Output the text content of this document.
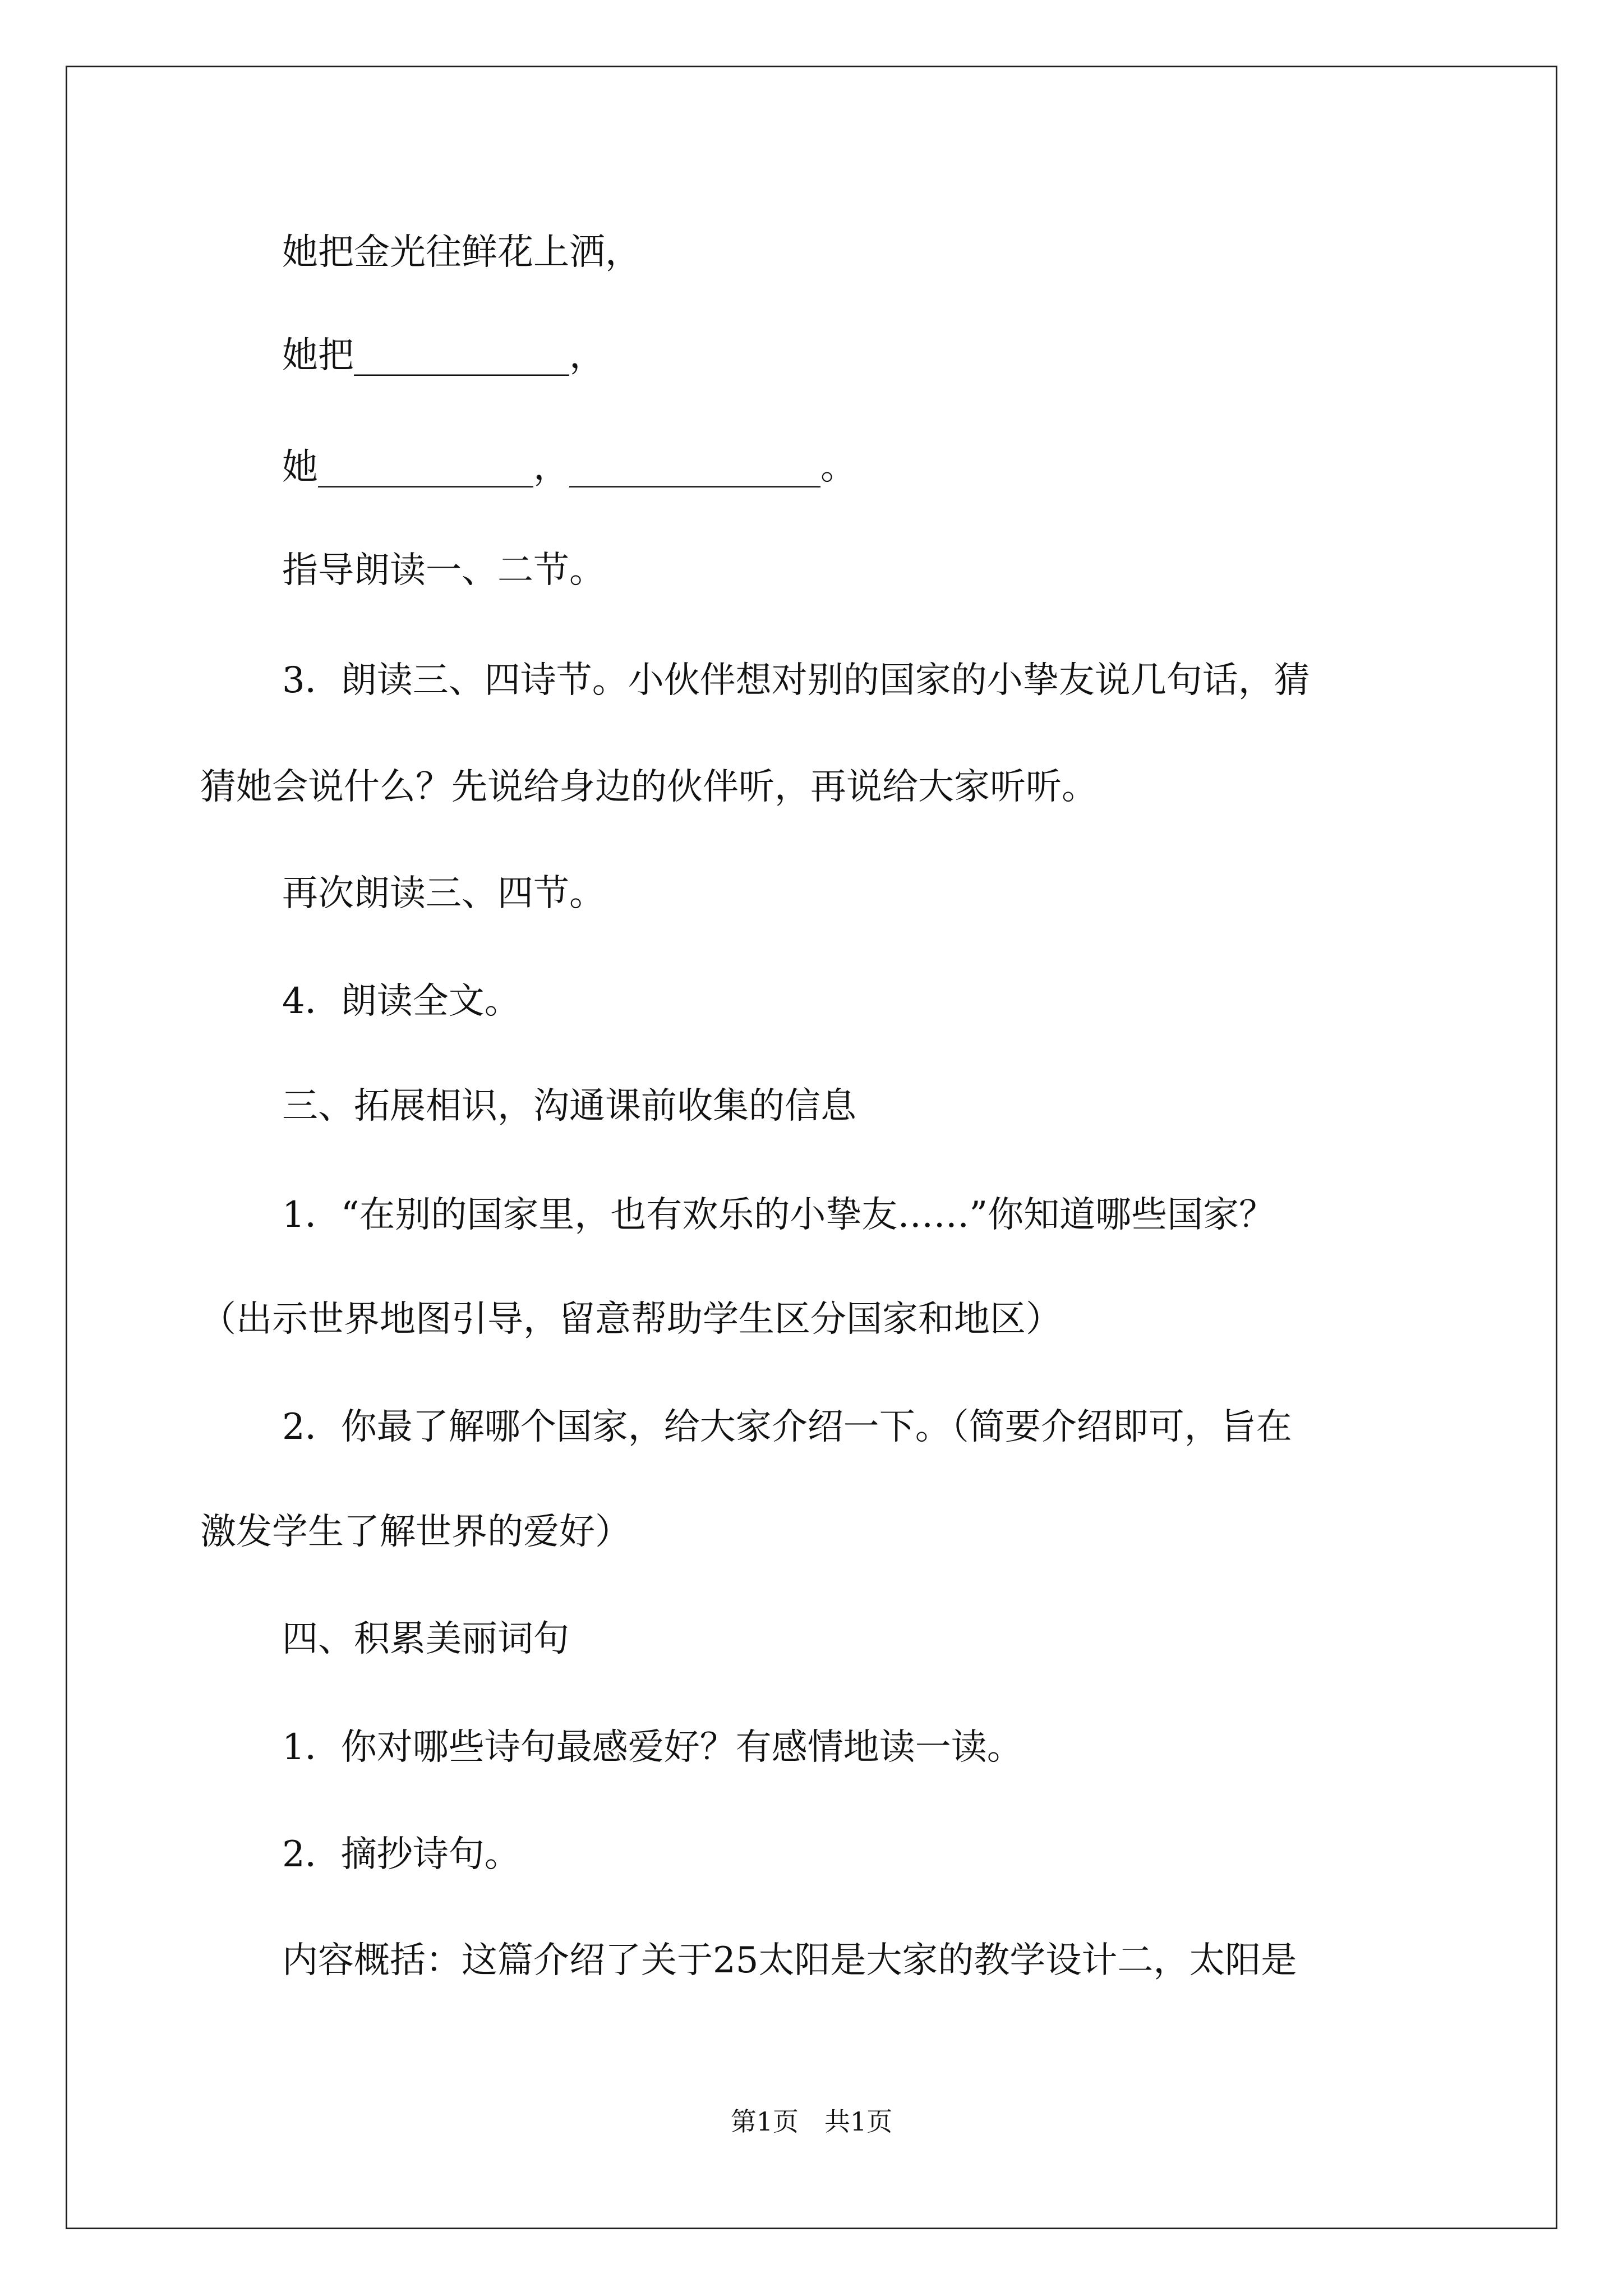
她把金光往鲜花上洒，
她把____________，
她____________，______________。
指导朗读一、二节。
3．朗读三、四诗节。小伙伴想对别的国家的小挚友说几句话，猜
猜她会说什么？先说给身边的伙伴听，再说给大家听听。
再次朗读三、四节。
4．朗读全文。
三、拓展相识，沟通课前收集的信息
1．“在别的国家里，也有欢乐的小挚友……”你知道哪些国家？
（出示世界地图引导，留意帮助学生区分国家和地区）
2．你最了解哪个国家，给大家介绍一下。（简要介绍即可，旨在
激发学生了解世界的爱好）
四、积累美丽词句
1．你对哪些诗句最感爱好？有感情地读一读。
2．摘抄诗句。
内容概括：这篇介绍了关于25太阳是大家的教学设计二，太阳是
第1页　共1页
